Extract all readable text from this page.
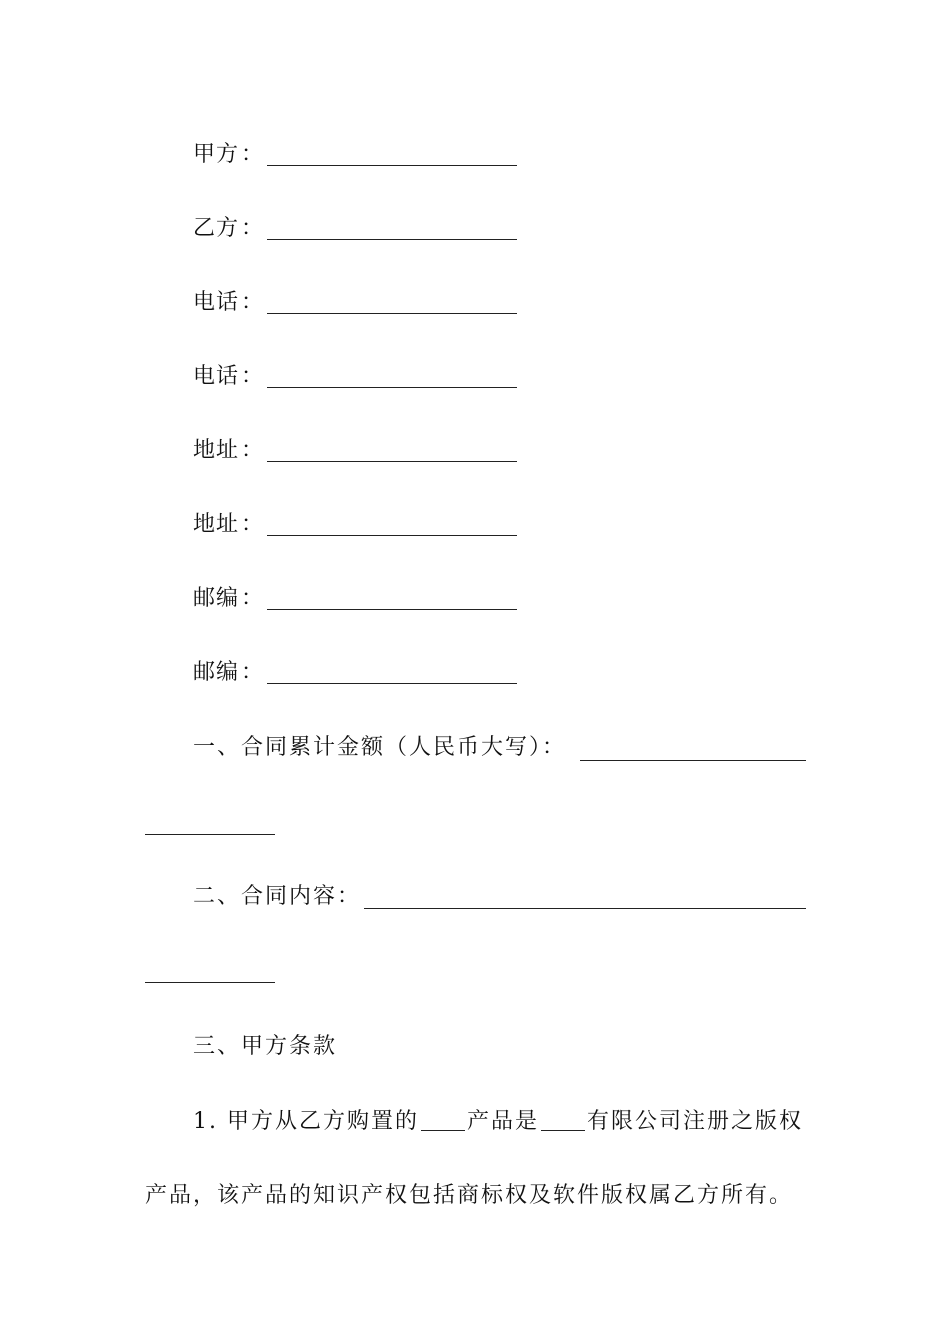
甲方 ：
乙方 ：
电话 ：
电话 ：
地址 ：
地址 ：
邮编 ：
邮编 ：
一、合同累计金额（人民币大写）：
二、合同内容：
三、甲方条款
1. 甲方从乙方购置的 产品是 有限公司注册之版权
产品，该产品的知识产权包括商标权及软件版权属乙方所有。
